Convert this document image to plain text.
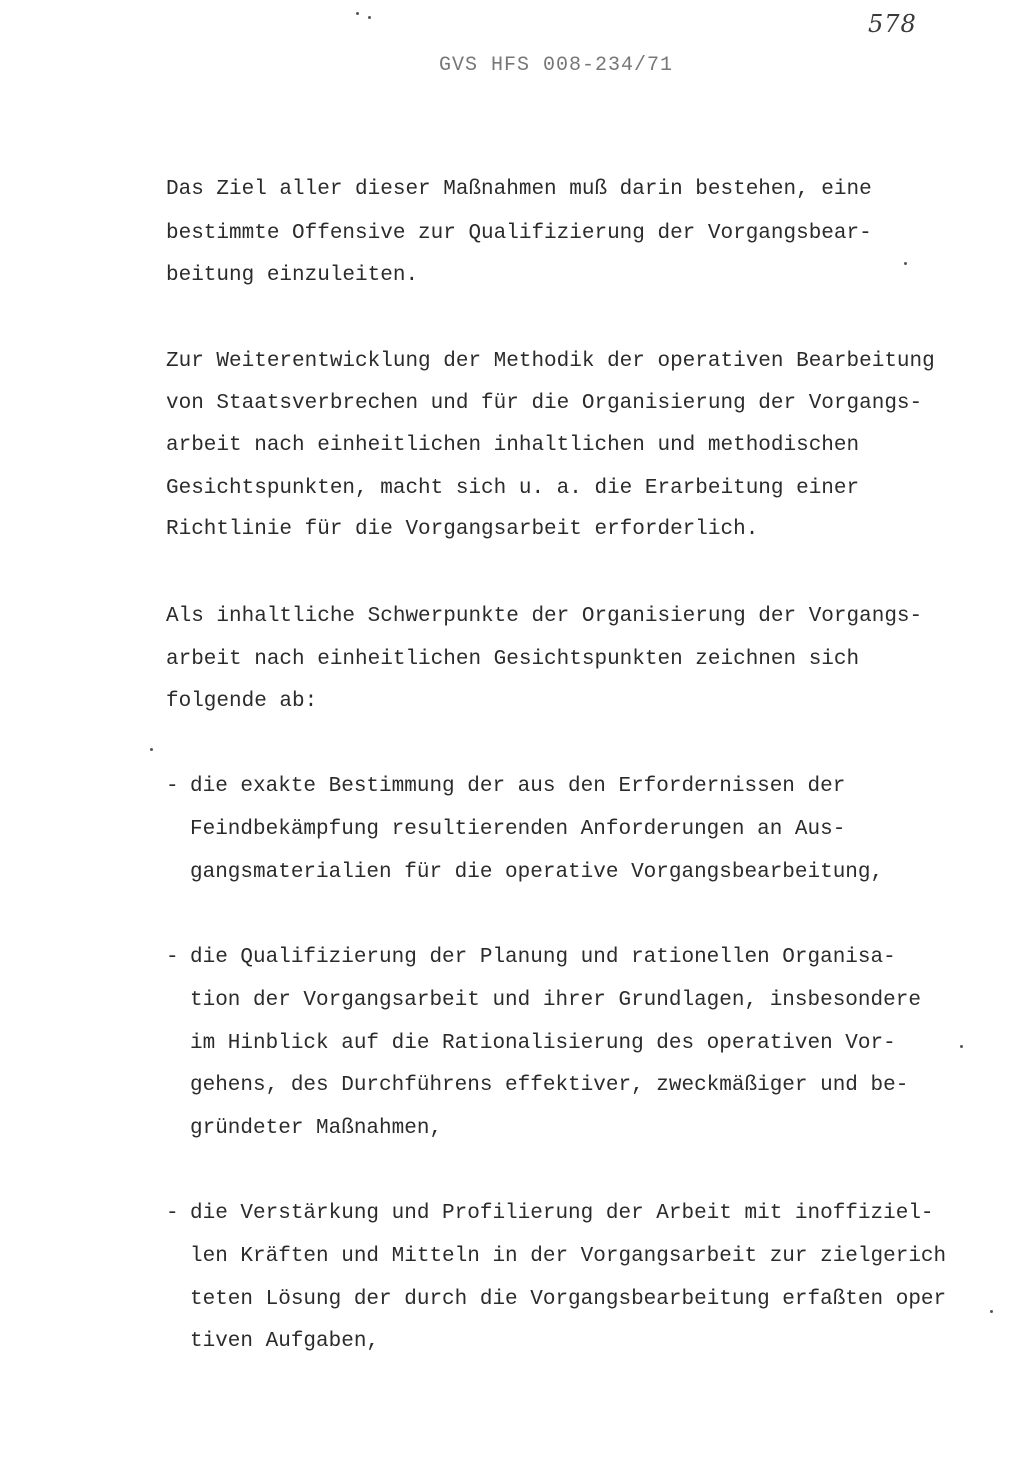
578
GVS HFS 008-234/71
Das Ziel aller dieser Maßnahmen muß darin bestehen, eine
bestimmte Offensive zur Qualifizierung der Vorgangsbear-
beitung einzuleiten.
Zur Weiterentwicklung der Methodik der operativen Bearbeitung
von Staatsverbrechen und für die Organisierung der Vorgangs-
arbeit nach einheitlichen inhaltlichen und methodischen
Gesichtspunkten, macht sich u. a. die Erarbeitung einer
Richtlinie für die Vorgangsarbeit erforderlich.
Als inhaltliche Schwerpunkte der Organisierung der Vorgangs-
arbeit nach einheitlichen Gesichtspunkten zeichnen sich
folgende ab:
- die exakte Bestimmung der aus den Erfordernissen der
Feindbekämpfung resultierenden Anforderungen an Aus-
gangsmaterialien für die operative Vorgangsbearbeitung,
- die Qualifizierung der Planung und rationellen Organisa-
tion der Vorgangsarbeit und ihrer Grundlagen, insbesondere
im Hinblick auf die Rationalisierung des operativen Vor-
gehens, des Durchführens effektiver, zweckmäßiger und be-
gründeter Maßnahmen,
- die Verstärkung und Profilierung der Arbeit mit inoffiziel-
len Kräften und Mitteln in der Vorgangsarbeit zur zielgerich
teten Lösung der durch die Vorgangsbearbeitung erfaßten oper
tiven Aufgaben,
